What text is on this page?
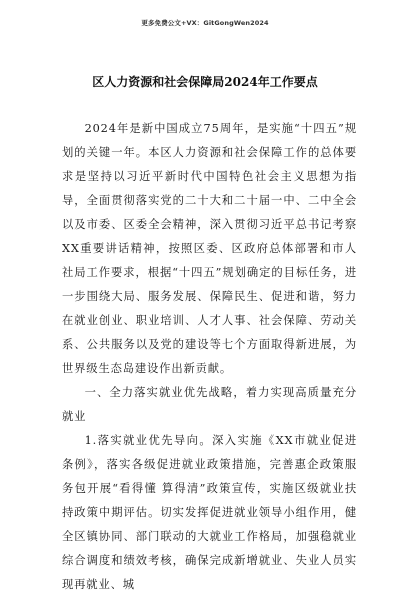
更多免费公文+VX：GitGongWen2024
区人力资源和社会保障局2024年工作要点

2024年是新中国成立75周年，是实施“十四五”规划的关键一年。本区人力资源和社会保障工作的总体要求是坚持以习近平新时代中国特色社会主义思想为指导，全面贯彻落实党的二十大和二十届一中、二中全会以及市委、区委全会精神，深入贯彻习近平总书记考察XX重要讲话精神，按照区委、区政府总体部署和市人社局工作要求，根据“十四五”规划确定的目标任务，进一步围绕大局、服务发展、保障民生、促进和谐，努力在就业创业、职业培训、人才人事、社会保障、劳动关系、公共服务以及党的建设等七个方面取得新进展，为世界级生态岛建设作出新贡献。

一、全力落实就业优先战略，着力实现高质量充分就业

1.落实就业优先导向。深入实施《XX市就业促进条例》，落实各级促进就业政策措施，完善惠企政策服务包开展“看得懂 算得清”政策宣传，实施区级就业扶持政策中期评估。切实发挥促进就业领导小组作用，健全区镇协同、部门联动的大就业工作格局，加强稳就业综合调度和绩效考核，确保完成新增就业、失业人员实现再就业、城
